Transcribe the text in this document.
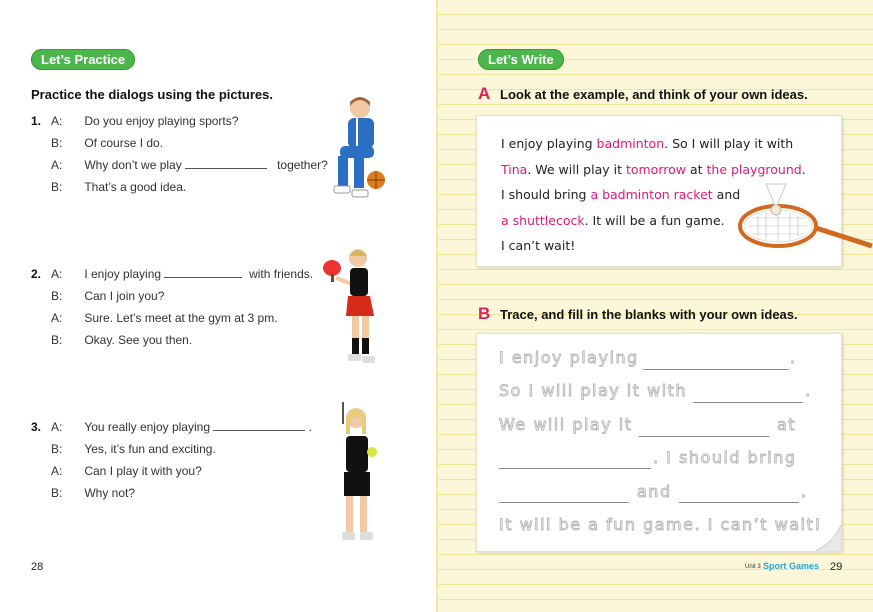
Let’s Practice
Practice the dialogs using the pictures.
1. A: Do you enjoy playing sports?
B: Of course I do.
A: Why don’t we play	together?
B: That’s a good idea.
2. A: I enjoy playing	with friends.
B: Can I join you?
A: Sure. Let’s meet at the gym at 3 pm.
B: Okay. See you then.
3. A: You really enjoy playing	.
B: Yes, it’s fun and exciting.
A: Can I play it with you?
B: Why not?
28
Let’s Write
A Look at the example, and think of your own ideas.
I enjoy playing badminton. So I will play it with
Tina. We will play it tomorrow at the playground.
I should bring a badminton racket and
a shuttlecock. It will be a fun game.
I can’t wait!
B Trace, and fill in the blanks with your own ideas.
I enjoy playing	.
So I will play it with	.
We will play it	at
. I should bring
and	.
It will be a fun game. I can’t wait!
Unit 3 Sport Games 29
